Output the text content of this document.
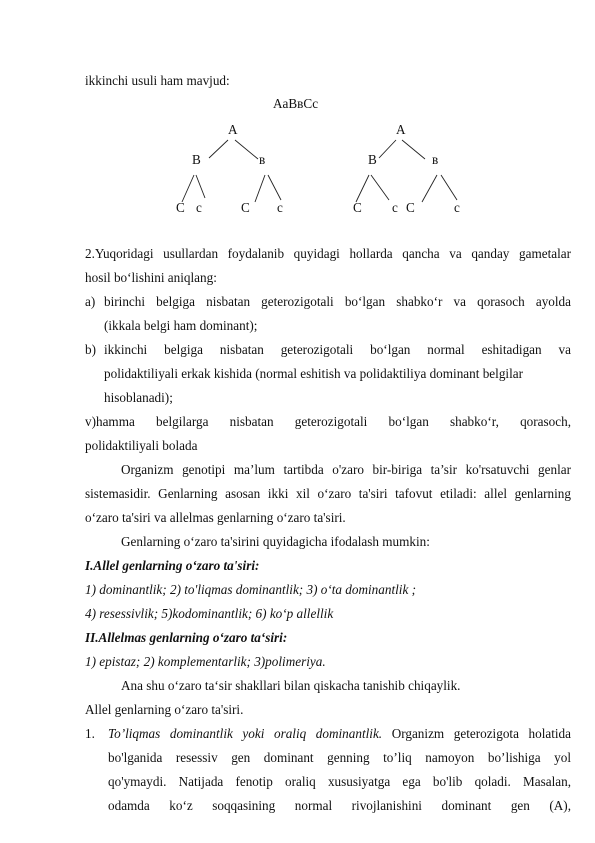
ikkinchi usuli ham mavjud:
AaBвCc
A
B	в
C c	C c
A
B	в
C c C	c
2.Yuqoridagi usullardan foydalanib quyidagi hollarda qancha va qanday gametalar
hosil bo‘lishini aniqlang:
a) birinchi belgiga nisbatan geterozigotali bo‘lgan shabko‘r va qorasoch ayolda
(ikkala belgi ham dominant);
b) ikkinchi belgiga nisbatan geterozigotali bo‘lgan normal eshitadigan va
polidaktiliyali erkak kishida (normal eshitish va polidaktiliya dominant belgilar
hisoblanadi);
v)hamma belgilarga nisbatan geterozigotali bo‘lgan shabko‘r, qorasoch,
polidaktiliyali bolada
Organizm genotipi ma’lum tartibda o'zaro bir-biriga ta’sir ko'rsatuvchi genlar
sistemasidir. Genlarning asosan ikki xil o‘zaro ta'siri tafovut etiladi: allel genlarning
o‘zaro ta'siri va allelmas genlarning o‘zaro ta'siri.
Genlarning o‘zaro ta'sirini quyidagicha ifodalash mumkin:
I.Allel genlarning o‘zaro ta'siri:
1) dominantlik; 2) to'liqmas dominantlik; 3) o‘ta dominantlik ;
4) resessivlik; 5)kodominantlik; 6) ko‘p allellik
II.Allelmas genlarning o‘zaro ta‘siri:
1) epistaz; 2) komplementarlik; 3)polimeriya.
Ana shu o‘zaro ta‘sir shakllari bilan qiskacha tanishib chiqaylik.
Allel genlarning o‘zaro ta'siri.
1. To’liqmas dominantlik yoki oraliq dominantlik. Organizm geterozigota holatida
bo'lganida resessiv gen dominant genning to’liq namoyon bo’lishiga yol
qo'ymaydi. Natijada fenotip oraliq xususiyatga ega bo'lib qoladi. Masalan,
odamda ko‘z soqqasining normal rivojlanishini dominant gen (A),
